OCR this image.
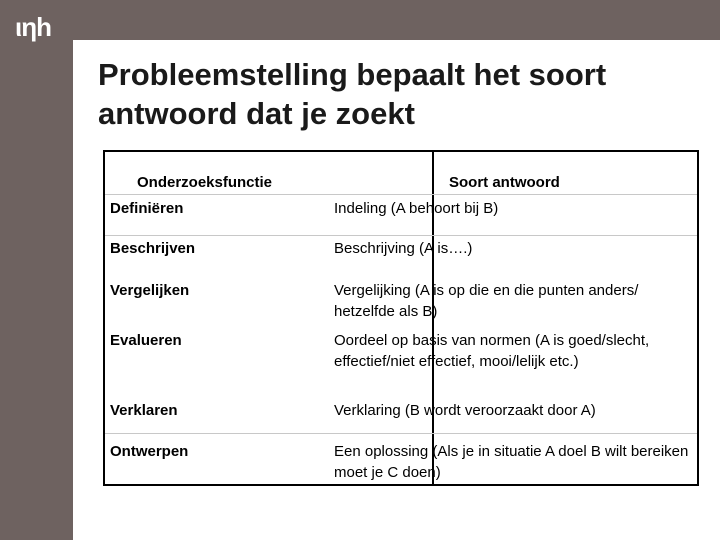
ιηh
Probleemstelling bepaalt het soort antwoord dat je zoekt
Onderzoeksfunctie	Soort antwoord
Definiëren	Indeling (A behoort bij B)
Beschrijven	Beschrijving (A is….)
Vergelijken	Vergelijking (A is op die en die punten anders/ hetzelfde als B)
Evalueren	Oordeel op basis van normen (A is goed/slecht, effectief/niet effectief, mooi/lelijk etc.)
Verklaren	Verklaring (B wordt veroorzaakt door A)
Ontwerpen	Een oplossing (Als je in situatie A doel B wilt bereiken moet je C doen)
